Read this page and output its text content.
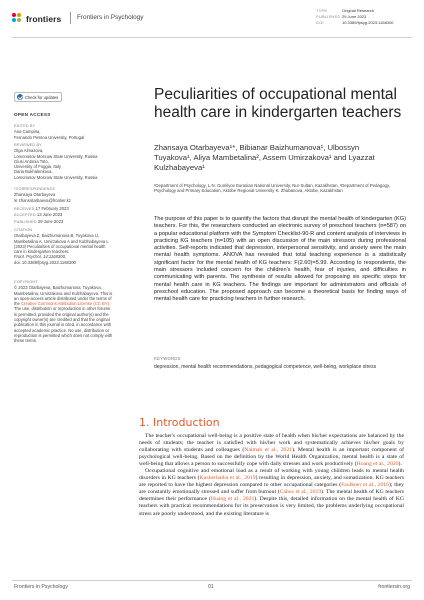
frontiers Frontiers in Psychology
TYPE	Original Research
PUBLISHED 29 June 2023
DOI	10.3389/fpsyg.2023.1168300
Check for updates
OPEN ACCESS
EDITED BY
Ana Campina,
Fernando Pessoa University, Portugal
REVIEWED BY
Olga Almazova,
Lomonosov Moscow State University, Russia
Giusi Antonia Toto,
University of Foggia, Italy
Daria Bukhalenkova,
Lomonosov Moscow State University, Russia
*CORRESPONDENCE
Zhansaya Otarbayeva
✉ zhansotarbaeva@frontier.kz
RECEIVED 17 February 2023
ACCEPTED 13 June 2023
PUBLISHED 29 June 2023
CITATION
Otarbayeva Z, Baizhumanova B, Tuyakova U, Mambetalina A, Umirzakova A and Kulzhabayeva L (2023) Peculiarities of occupational mental health care in kindergarten teachers.
Front. Psychol. 14:1168300.
doi: 10.3389/fpsyg.2023.1168300
COPYRIGHT
© 2023 Otarbayeva, Baizhumanova, Tuyakova, Mambetalina, Umirzakova and Kulzhabayeva. This is an open-access article distributed under the terms of the Creative Commons Attribution License (CC BY). The use, distribution or reproduction in other forums is permitted, provided the original author(s) and the copyright owner(s) are credited and that the original publication in this journal is cited, in accordance with accepted academic practice. No use, distribution or reproduction is permitted which does not comply with these terms.
Peculiarities of occupational mental health care in kindergarten teachers
Zhansaya Otarbayeva¹*, Bibianar Baizhumanova¹, Ulbossyn Tuyakova¹, Aliya Mambetalina², Assem Umirzakova¹ and Lyazzat Kulzhabayeva¹
¹Department of Psychology, L.N. Gumilyov Eurasian National University, Nur-Sultan, Kazakhstan, ²Department of Pedagogy, Psychology and Primary Education, Aktobe Regional University K. Zhubanova, Aktobe, Kazakhstan
The purpose of this paper is to quantify the factors that disrupt the mental health of kindergarten (KG) teachers. For this, the researchers conducted an electronic survey of preschool teachers (n=587) on a popular educational platform with the Symptom Checklist-90-R and content analysis of interviews in practicing KG teachers (n=105) with an open discussion of the main stressors during professional activities. Self-reports indicated that depression, interpersonal sensitivity, and anxiety were the main mental health symptoms. ANOVA has revealed that total teaching experience is a statistically significant factor for the mental health of KG teachers: F(2.60)=5.99. According to respondents, the main stressors included concern for the children's health, fear of injuries, and difficulties in communicating with parents. The synthesis of results allowed for proposing six specific steps for mental health care in KG teachers. The findings are important for administrators and officials of preschool education. The proposed approach can become a theoretical basis for finding ways of mental health care for practicing teachers in further research.
KEYWORDS
depression, mental health recommendations, pedagogical competence, well-being, workplace stress
1. Introduction

The teacher's occupational well-being is a positive state of health when his/her expectations are balanced by the needs of students; the teacher is satisfied with his/her work and systematically achieves his/her goals by collaborating with students and colleagues (Naimah et al., 2021). Mental health is an important component of psychological well-being. Based on the definition by the World Health Organization, mental health is a state of well-being that allows a person to successfully cope with daily stresses and work productively (Hoang et al., 2020).

Occupational cognitive and emotional load as a result of working with young children leads to mental health disorders in KG teachers (Kusherbaiba et al., 2019) resulting in depression, anxiety, and somatization. KG teachers are reported to have the highest depression compared to other occupational categories (Faulkner et al., 2016); they are constantly emotionally stressed and suffer from burnout (Cabus et al., 2019). The mental health of KG teachers determines their performance (Huang et al., 2021). Despite this, detailed information on the mental health of KG teachers with practical recommendations for its preservation is very limited, the problems underlying occupational stress are poorly understood, and the existing literature is

Frontiers in Psychology	01	frontiersin.org
